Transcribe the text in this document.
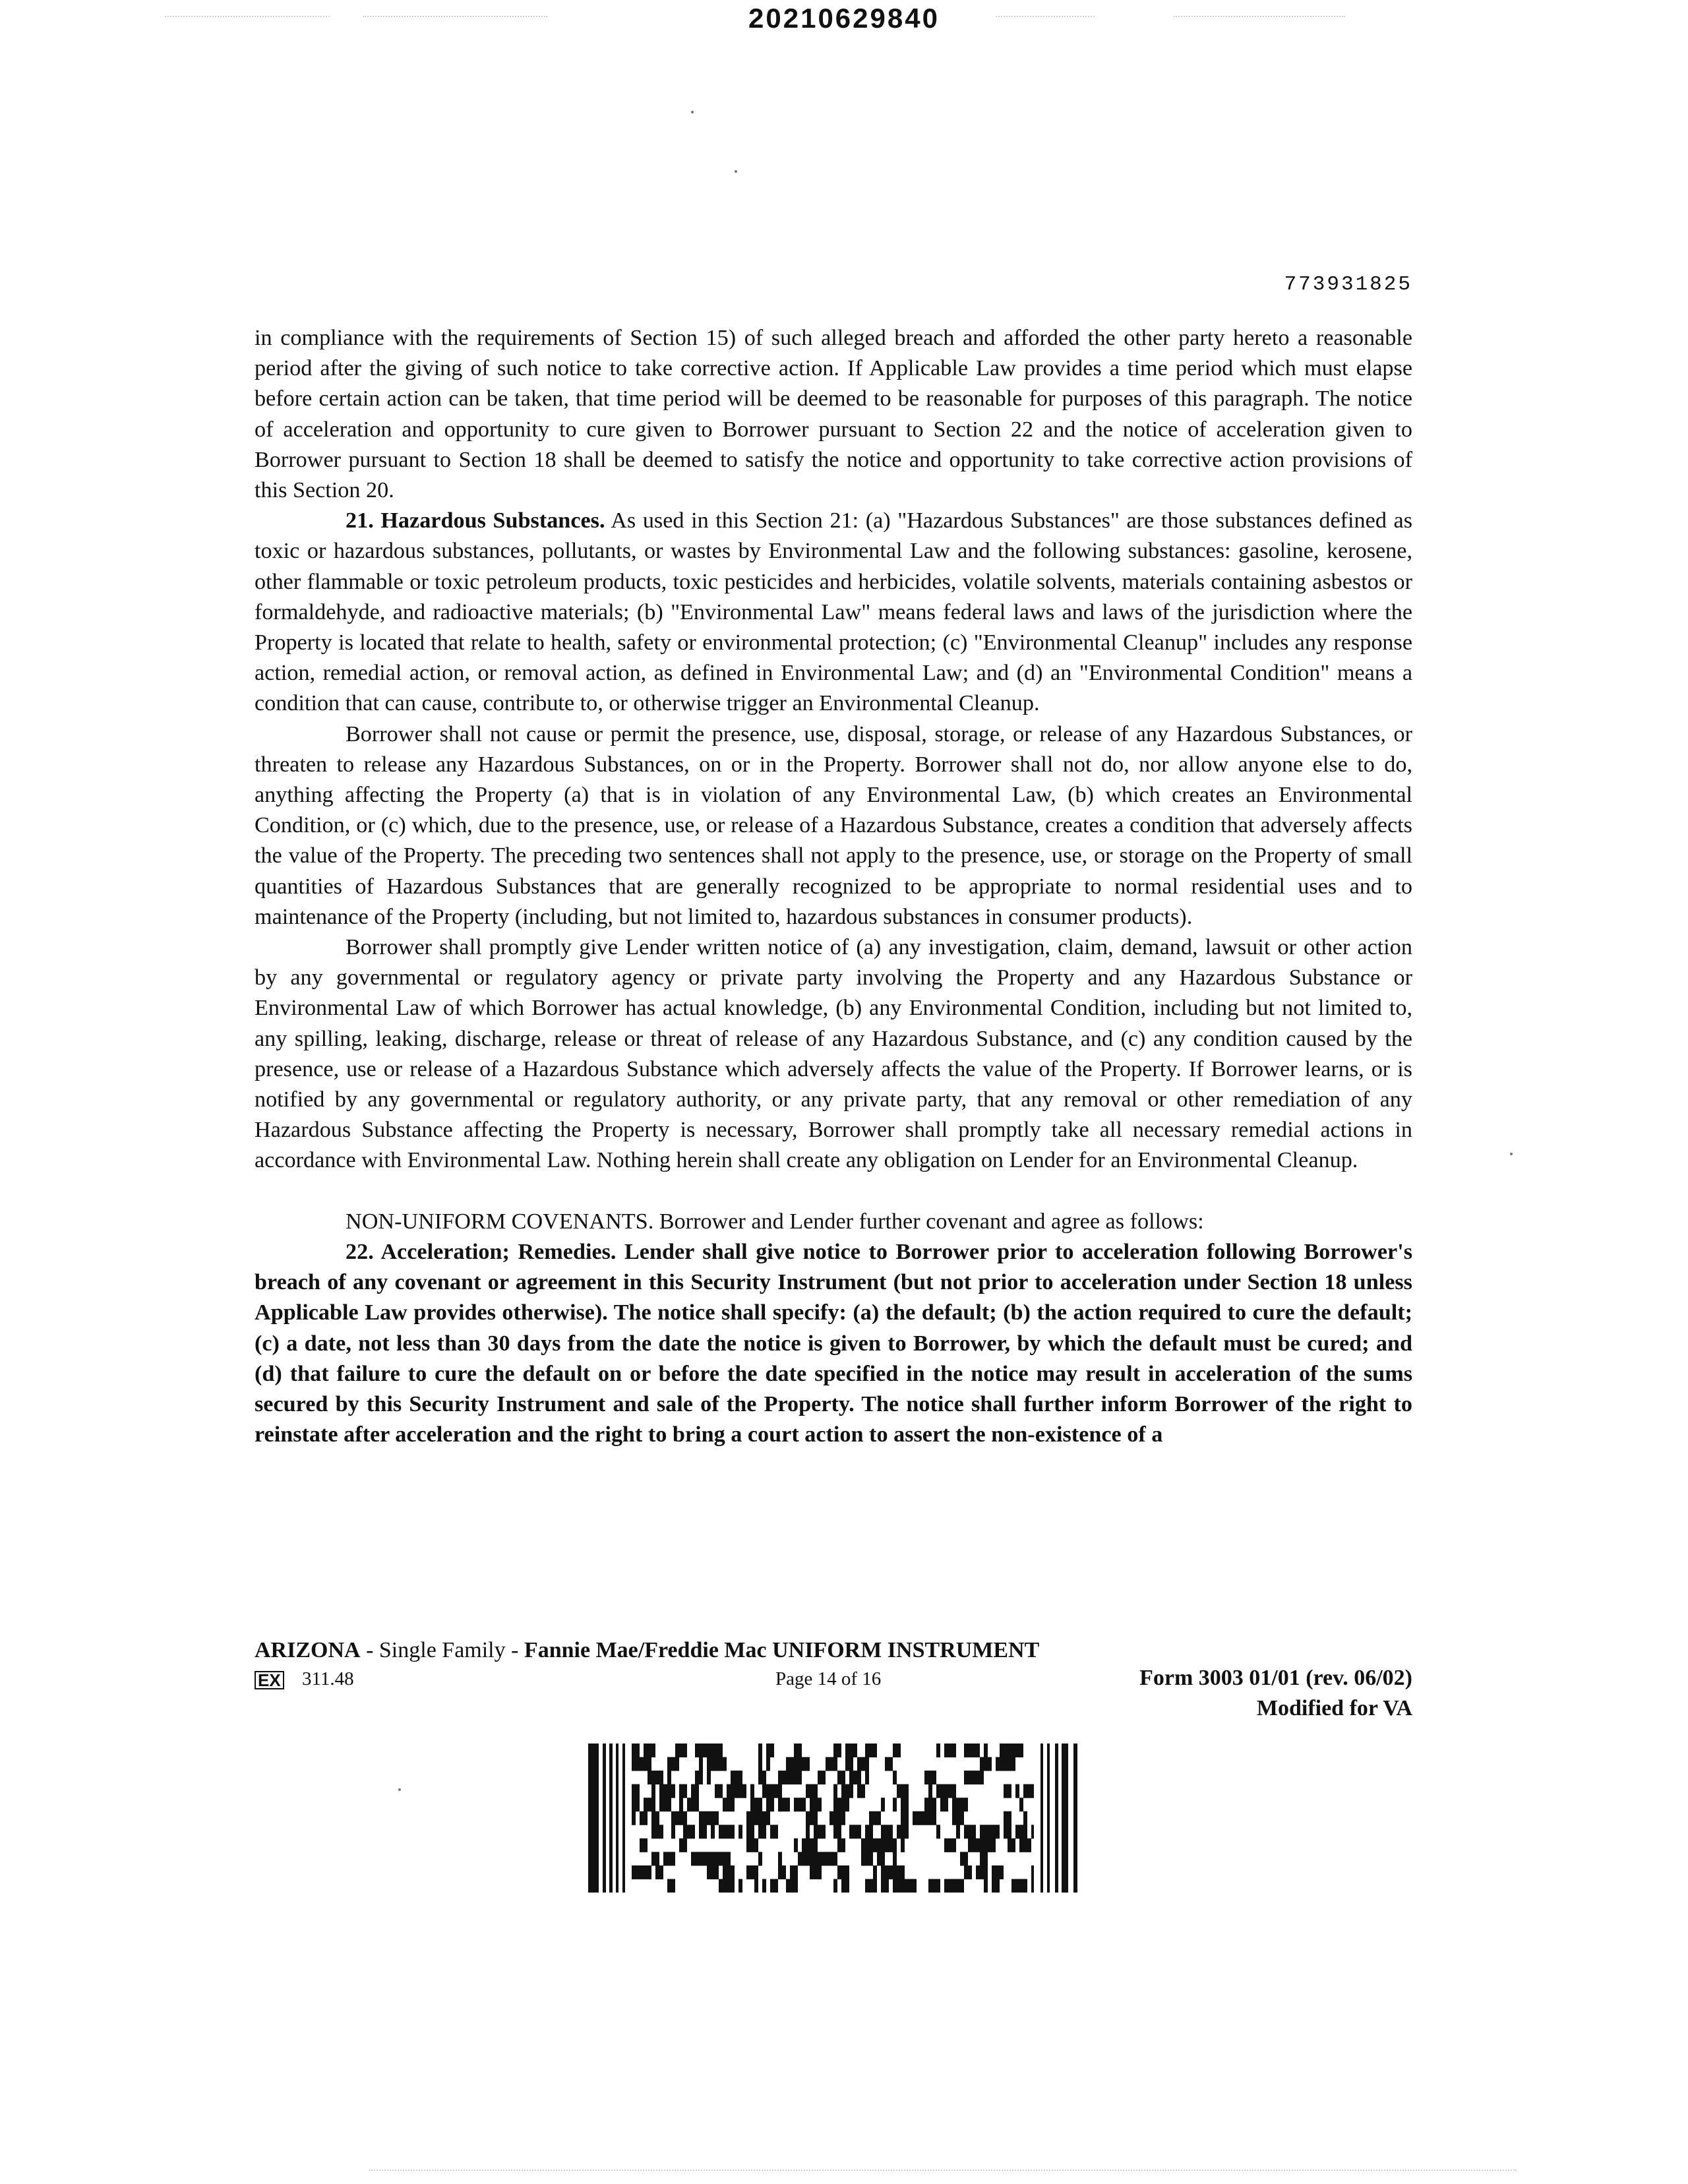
20210629840
773931825

in compliance with the requirements of Section 15) of such alleged breach and afforded the other party hereto a reasonable period after the giving of such notice to take corrective action. If Applicable Law provides a time period which must elapse before certain action can be taken, that time period will be deemed to be reasonable for purposes of this paragraph. The notice of acceleration and opportunity to cure given to Borrower pursuant to Section 22 and the notice of acceleration given to Borrower pursuant to Section 18 shall be deemed to satisfy the notice and opportunity to take corrective action provisions of this Section 20.

21. Hazardous Substances. As used in this Section 21: (a) "Hazardous Substances" are those substances defined as toxic or hazardous substances, pollutants, or wastes by Environmental Law and the following substances: gasoline, kerosene, other flammable or toxic petroleum products, toxic pesticides and herbicides, volatile solvents, materials containing asbestos or formaldehyde, and radioactive materials; (b) "Environmental Law" means federal laws and laws of the jurisdiction where the Property is located that relate to health, safety or environmental protection; (c) "Environmental Cleanup" includes any response action, remedial action, or removal action, as defined in Environmental Law; and (d) an "Environmental Condition" means a condition that can cause, contribute to, or otherwise trigger an Environmental Cleanup.

Borrower shall not cause or permit the presence, use, disposal, storage, or release of any Hazardous Substances, or threaten to release any Hazardous Substances, on or in the Property. Borrower shall not do, nor allow anyone else to do, anything affecting the Property (a) that is in violation of any Environmental Law, (b) which creates an Environmental Condition, or (c) which, due to the presence, use, or release of a Hazardous Substance, creates a condition that adversely affects the value of the Property. The preceding two sentences shall not apply to the presence, use, or storage on the Property of small quantities of Hazardous Substances that are generally recognized to be appropriate to normal residential uses and to maintenance of the Property (including, but not limited to, hazardous substances in consumer products).

Borrower shall promptly give Lender written notice of (a) any investigation, claim, demand, lawsuit or other action by any governmental or regulatory agency or private party involving the Property and any Hazardous Substance or Environmental Law of which Borrower has actual knowledge, (b) any Environmental Condition, including but not limited to, any spilling, leaking, discharge, release or threat of release of any Hazardous Substance, and (c) any condition caused by the presence, use or release of a Hazardous Substance which adversely affects the value of the Property. If Borrower learns, or is notified by any governmental or regulatory authority, or any private party, that any removal or other remediation of any Hazardous Substance affecting the Property is necessary, Borrower shall promptly take all necessary remedial actions in accordance with Environmental Law. Nothing herein shall create any obligation on Lender for an Environmental Cleanup.

NON-UNIFORM COVENANTS. Borrower and Lender further covenant and agree as follows:

22. Acceleration; Remedies. Lender shall give notice to Borrower prior to acceleration following Borrower's breach of any covenant or agreement in this Security Instrument (but not prior to acceleration under Section 18 unless Applicable Law provides otherwise). The notice shall specify: (a) the default; (b) the action required to cure the default; (c) a date, not less than 30 days from the date the notice is given to Borrower, by which the default must be cured; and (d) that failure to cure the default on or before the date specified in the notice may result in acceleration of the sums secured by this Security Instrument and sale of the Property. The notice shall further inform Borrower of the right to reinstate after acceleration and the right to bring a court action to assert the non-existence of a

ARIZONA - Single Family - Fannie Mae/Freddie Mac UNIFORM INSTRUMENT
EX 311.48	Page 14 of 16	Form 3003 01/01 (rev. 06/02)
Modified for VA
